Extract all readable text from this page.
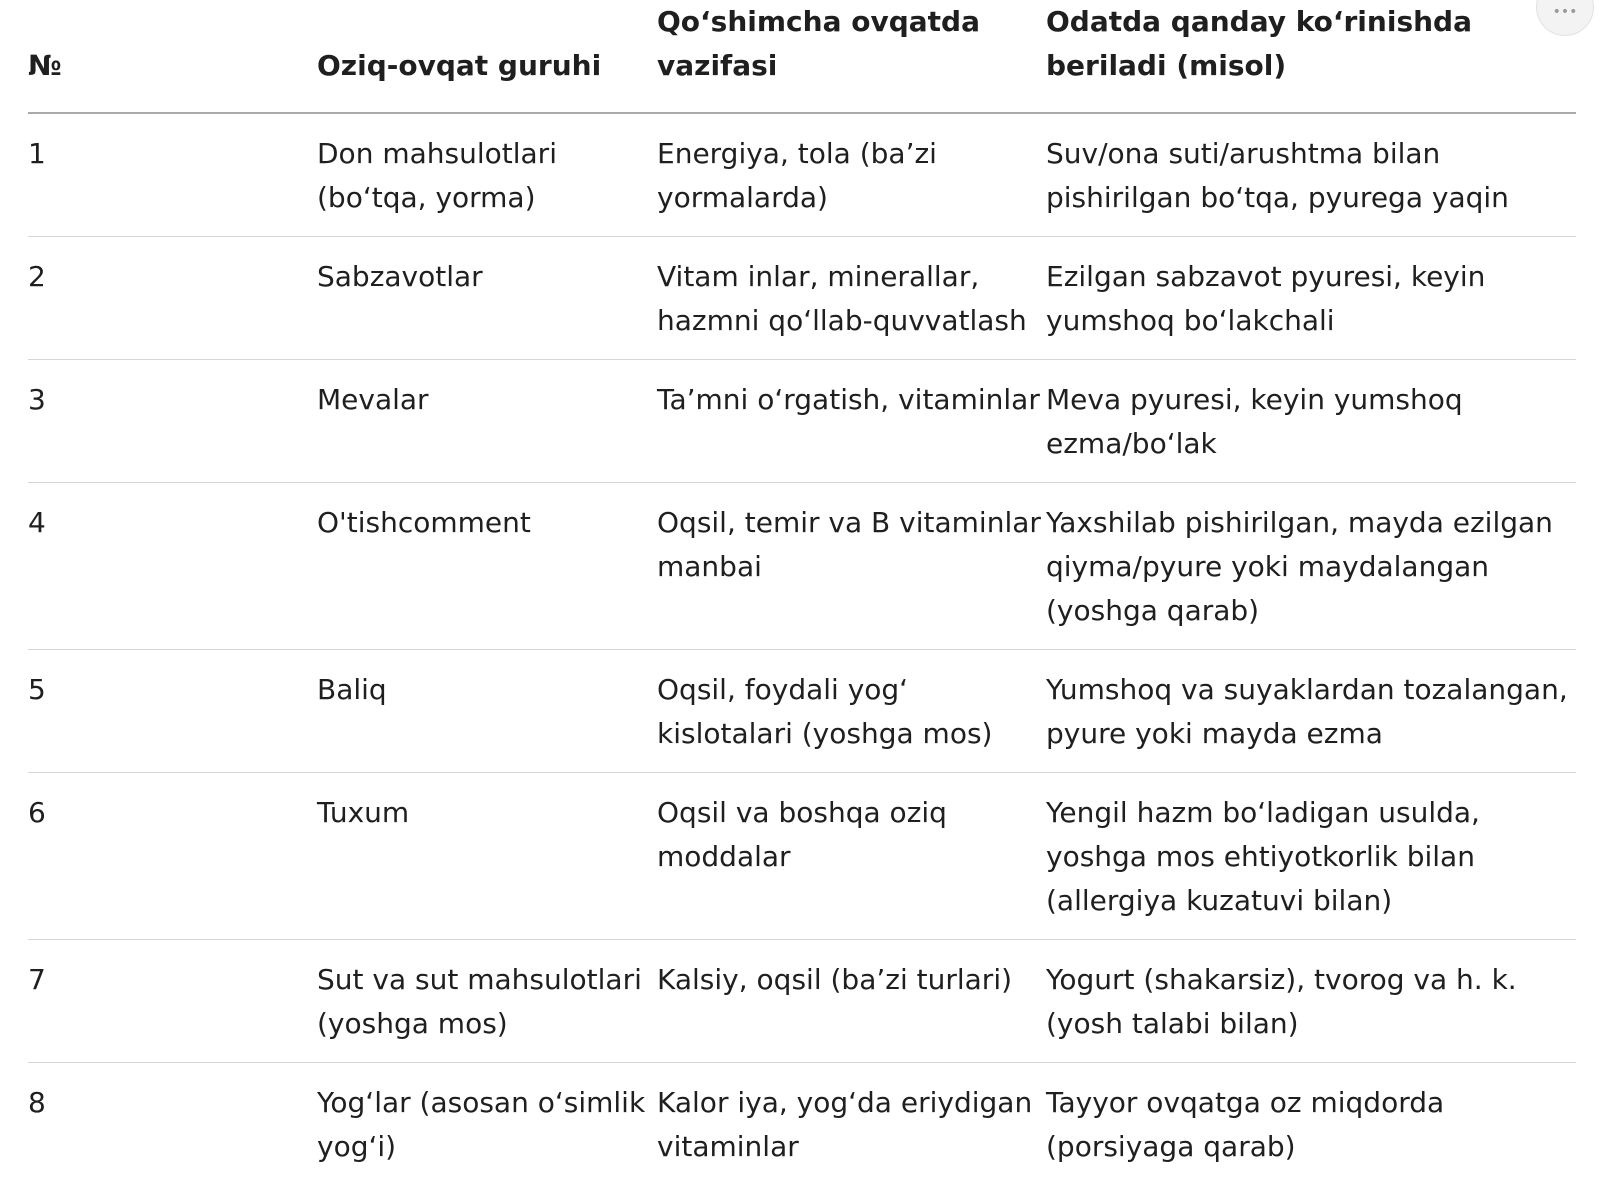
•••
№	Oziq-ovqat guruhi	Qo‘shimcha ovqatda vazifasi	Odatda qanday ko‘rinishda beriladi (misol)
1	Don mahsulotlari (bo‘tqa, yorma)	Energiya, tola (ba’zi yormalarda)	Suv/ona suti/arushtma bilan pishirilgan bo‘tqa, pyurega yaqin
2	Sabzavotlar	Vitam inlar, minerallar, hazmni qo‘llab-quvvatlash	Ezilgan sabzavot pyuresi, keyin yumshoq bo‘lakchali
3	Mevalar	Ta’mni o‘rgatish, vitaminlar	Meva pyuresi, keyin yumshoq ezma/bo‘lak
4	O'tishcomment	Oqsil, temir va B vitaminlar manbai	Yaxshilab pishirilgan, mayda ezilgan qiyma/pyure yoki maydalangan (yoshga qarab)
5	Baliq	Oqsil, foydali yog‘ kislotalari (yoshga mos)	Yumshoq va suyaklardan tozalangan, pyure yoki mayda ezma
6	Tuxum	Oqsil va boshqa oziq moddalar	Yengil hazm bo‘ladigan usulda, yoshga mos ehtiyotkorlik bilan (allergiya kuzatuvi bilan)
7	Sut va sut mahsulotlari (yoshga mos)	Kalsiy, oqsil (ba’zi turlari)	Yogurt (shakarsiz), tvorog va h. k. (yosh talabi bilan)
8	Yog‘lar (asosan o‘simlik yog‘i)	Kalor iya, yog‘da eriydigan vitaminlar	Tayyor ovqatga oz miqdorda (porsiyaga qarab)
